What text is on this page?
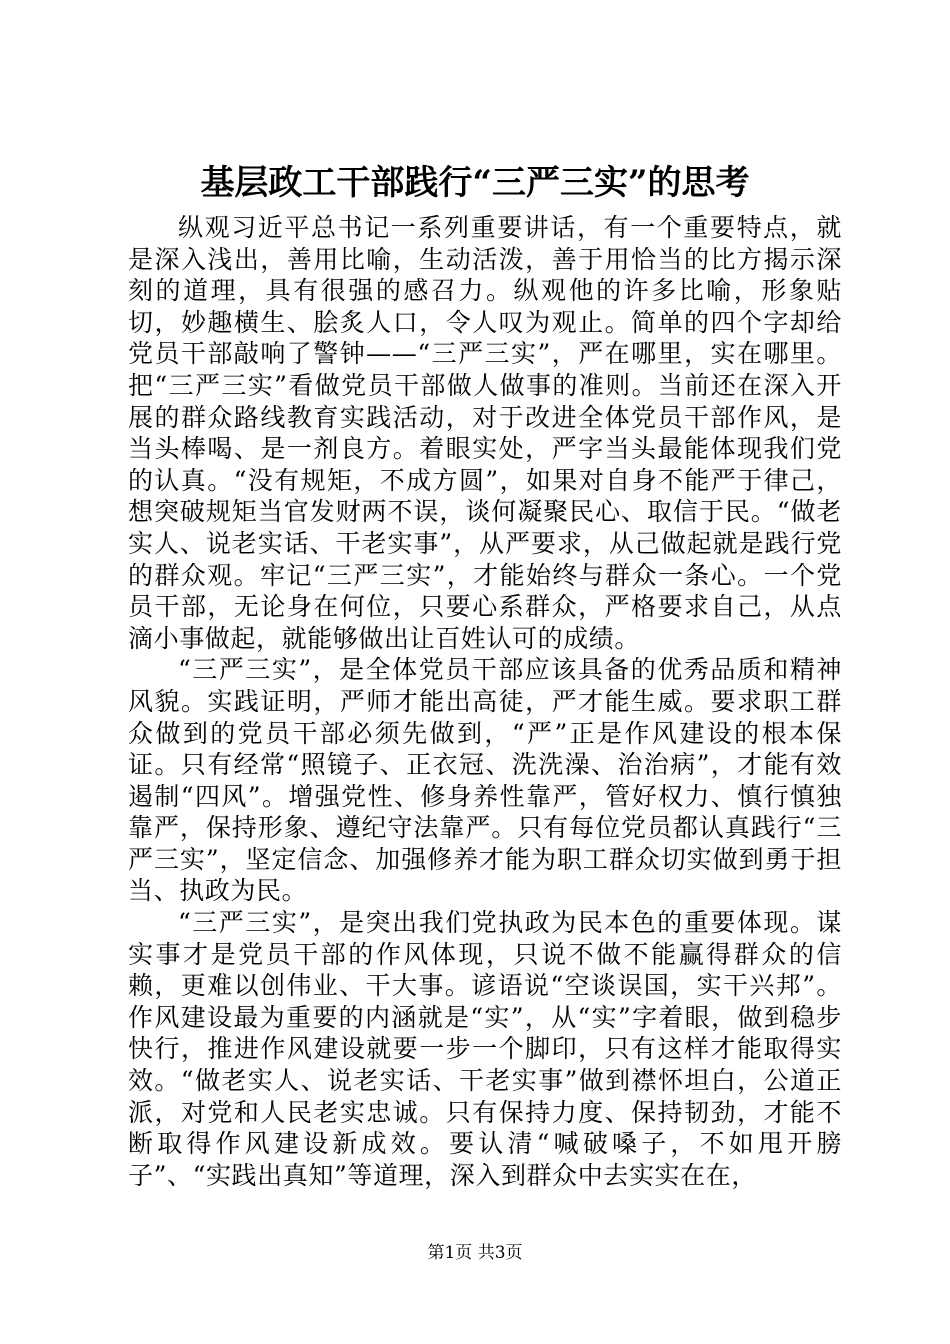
基层政工干部践行“三严三实”的思考

纵观习近平总书记一系列重要讲话，有一个重要特点，就是深入浅出，善用比喻，生动活泼，善于用恰当的比方揭示深刻的道理，具有很强的感召力。纵观他的许多比喻，形象贴切，妙趣横生、脍炙人口，令人叹为观止。简单的四个字却给党员干部敲响了警钟——“三严三实”，严在哪里，实在哪里。把“三严三实”看做党员干部做人做事的准则。当前还在深入开展的群众路线教育实践活动，对于改进全体党员干部作风，是当头棒喝、是一剂良方。着眼实处，严字当头最能体现我们党的认真。“没有规矩，不成方圆”，如果对自身不能严于律己，想突破规矩当官发财两不误，谈何凝聚民心、取信于民。“做老实人、说老实话、干老实事”，从严要求，从己做起就是践行党的群众观。牢记“三严三实”，才能始终与群众一条心。一个党员干部，无论身在何位，只要心系群众，严格要求自己，从点滴小事做起，就能够做出让百姓认可的成绩。

“三严三实”，是全体党员干部应该具备的优秀品质和精神风貌。实践证明，严师才能出高徒，严才能生威。要求职工群众做到的党员干部必须先做到，“严”正是作风建设的根本保证。只有经常“照镜子、正衣冠、洗洗澡、治治病”，才能有效遏制“四风”。增强党性、修身养性靠严，管好权力、慎行慎独靠严，保持形象、遵纪守法靠严。只有每位党员都认真践行“三严三实”，坚定信念、加强修养才能为职工群众切实做到勇于担当、执政为民。

“三严三实”，是突出我们党执政为民本色的重要体现。谋实事才是党员干部的作风体现，只说不做不能赢得群众的信赖，更难以创伟业、干大事。谚语说“空谈误国，实干兴邦”。作风建设最为重要的内涵就是“实”，从“实”字着眼，做到稳步快行，推进作风建设就要一步一个脚印，只有这样才能取得实效。“做老实人、说老实话、干老实事”做到襟怀坦白，公道正派，对党和人民老实忠诚。只有保持力度、保持韧劲，才能不断取得作风建设新成效。要认清“喊破嗓子，不如甩开膀子”、“实践出真知”等道理，深入到群众中去实实在在，

第1页 共3页
